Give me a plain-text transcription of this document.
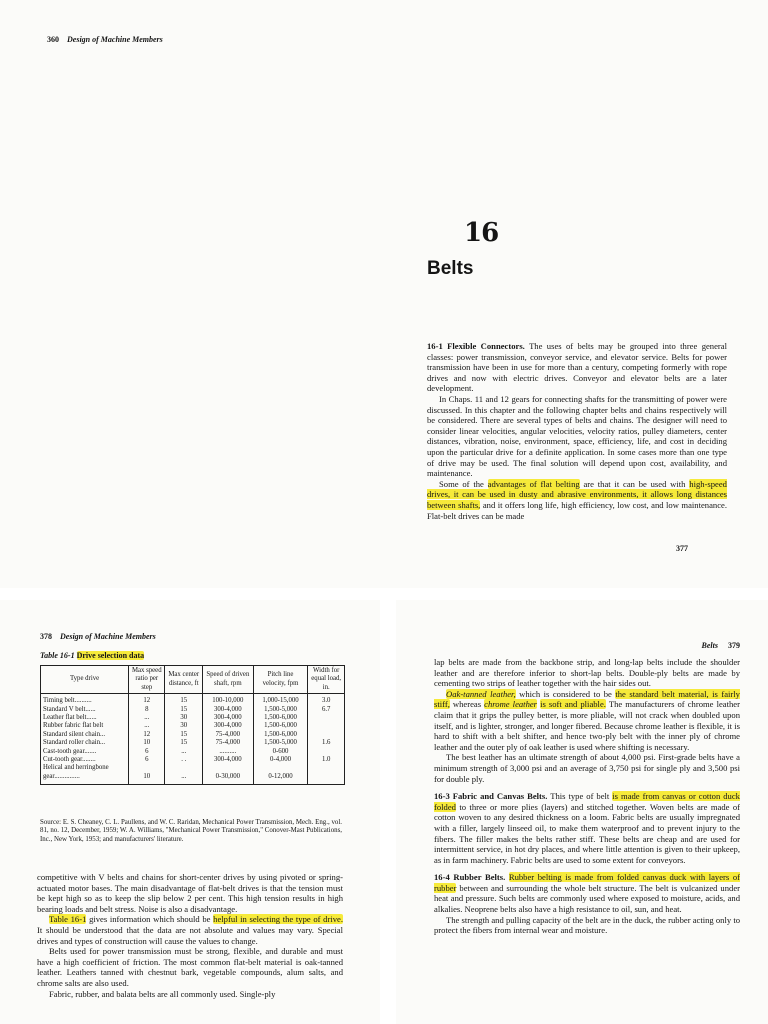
360 Design of Machine Members
16
Belts

16-1 Flexible Connectors. The uses of belts may be grouped into three general classes: power transmission, conveyor service, and elevator service. Belts for power transmission have been in use for more than a century, competing formerly with rope drives and now with electric drives. Conveyor and elevator belts are a later development.

In Chaps. 11 and 12 gears for connecting shafts for the transmitting of power were discussed. In this chapter and the following chapter belts and chains respectively will be considered. There are several types of belts and chains. The designer will need to consider linear velocities, angular velocities, velocity ratios, pulley diameters, center distances, vibration, noise, environment, space, efficiency, life, and cost in deciding upon the particular drive for a definite application. In some cases more than one type of drive may be used. The final solution will depend upon cost, availability, and maintenance.

Some of the advantages of flat belting are that it can be used with high-speed drives, it can be used in dusty and abrasive environments, it allows long distances between shafts, and it offers long life, high efficiency, low cost, and low maintenance. Flat-belt drives can be made

377
378 Design of Machine Members
Table 16-1 Drive selection data
Type drive	Max speed ratio per step	Max center distance, ft	Speed of driven shaft, rpm	Pitch line velocity, fpm	Width for equal load, in.
Timing belt..........	12	15	100-10,000	1,000-15,000	3.0
Standard V belt......	8	15	300-4,000	1,500-5,000	6.7
Leather flat belt......	...	30	300-4,000	1,500-6,000	
Rubber fabric flat belt	...	30	300-4,000	1,500-6,000	
Standard silent chain...	12	15	75-4,000	1,500-6,000	
Standard roller chain...	10	15	75-4,000	1,500-5,000	1.6
Cast-tooth gear.......	6	...	..........	0-600	
Cut-tooth gear........	6	. .	300-4,000	0-4,000	1.0
Helical and herringbone					
gear...............	10	...	0-30,000	0-12,000	
Source: E. S. Cheaney, C. L. Paullens, and W. C. Raridan, Mechanical Power Transmission, Mech. Eng., vol. 81, no. 12, December, 1959; W. A. Williams, "Mechanical Power Transmission," Conover-Mast Publications, Inc., New York, 1953; and manufacturers' literature.

competitive with V belts and chains for short-center drives by using pivoted or spring-actuated motor bases. The main disadvantage of flat-belt drives is that the tension must be kept high so as to keep the slip below 2 per cent. This high tension results in high bearing loads and belt stress. Noise is also a disadvantage.

Table 16-1 gives information which should be helpful in selecting the type of drive. It should be understood that the data are not absolute and values may vary. Special drives and types of construction will cause the values to change.

Belts used for power transmission must be strong, flexible, and durable and must have a high coefficient of friction. The most common flat-belt material is oak-tanned leather. Leathers tanned with chestnut bark, vegetable compounds, alum salts, and chrome salts are also used.

Fabric, rubber, and balata belts are all commonly used. Single-ply

Belts 379

lap belts are made from the backbone strip, and long-lap belts include the shoulder leather and are therefore inferior to short-lap belts. Double-ply belts are made by cementing two strips of leather together with the hair sides out.

Oak-tanned leather, which is considered to be the standard belt material, is fairly stiff, whereas chrome leather is soft and pliable. The manufacturers of chrome leather claim that it grips the pulley better, is more pliable, will not crack when doubled upon itself, and is lighter, stronger, and longer fibered. Because chrome leather is flexible, it is hard to shift with a belt shifter, and hence two-ply belt with the inner ply of chrome leather and the outer ply of oak leather is used where shifting is necessary.

The best leather has an ultimate strength of about 4,000 psi. First-grade belts have a minimum strength of 3,000 psi and an average of 3,750 psi for single ply and 3,500 psi for double ply.

16-3 Fabric and Canvas Belts. This type of belt is made from canvas or cotton duck folded to three or more plies (layers) and stitched together. Woven belts are made of cotton woven to any desired thickness on a loom. Fabric belts are usually impregnated with a filler, largely linseed oil, to make them waterproof and to prevent injury to the fibers. The filler makes the belts rather stiff. These belts are cheap and are used for intermittent service, in hot dry places, and where little attention is given to their upkeep, as in farm machinery. Fabric belts are used to some extent for conveyors.

16-4 Rubber Belts. Rubber belting is made from folded canvas duck with layers of rubber between and surrounding the whole belt structure. The belt is vulcanized under heat and pressure. Such belts are commonly used where exposed to moisture, acids, and alkalies. Neoprene belts also have a high resistance to oil, sun, and heat.

The strength and pulling capacity of the belt are in the duck, the rubber acting only to protect the fibers from internal wear and moisture.
